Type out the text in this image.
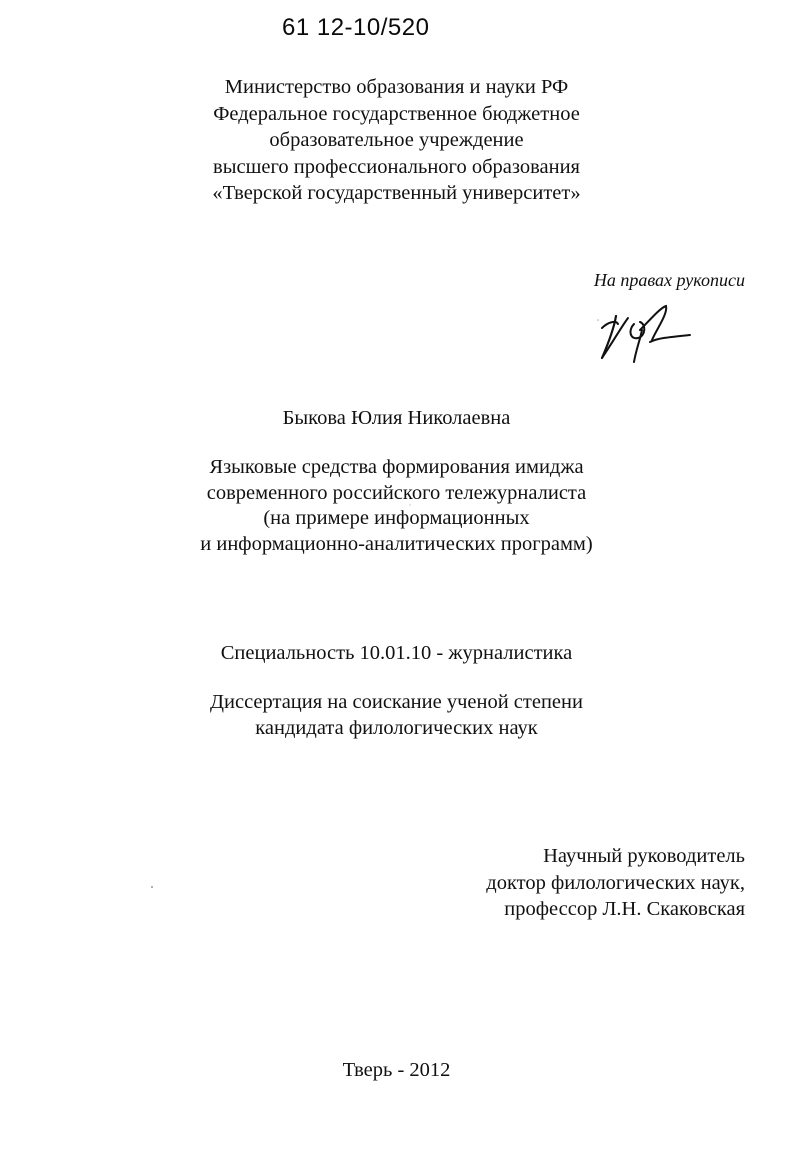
61 12-10/520
Министерство образования и науки РФ
Федеральное государственное бюджетное
образовательное учреждение
высшего профессионального образования
«Тверской государственный университет»
На правах рукописи
Быкова Юлия Николаевна
Языковые средства формирования имиджа
современного российского тележурналиста
(на примере информационных
и информационно-аналитических программ)
Специальность 10.01.10 - журналистика
Диссертация на соискание ученой степени
кандидата филологических наук
Научный руководитель
доктор филологических наук,
профессор Л.Н. Скаковская
Тверь - 2012
